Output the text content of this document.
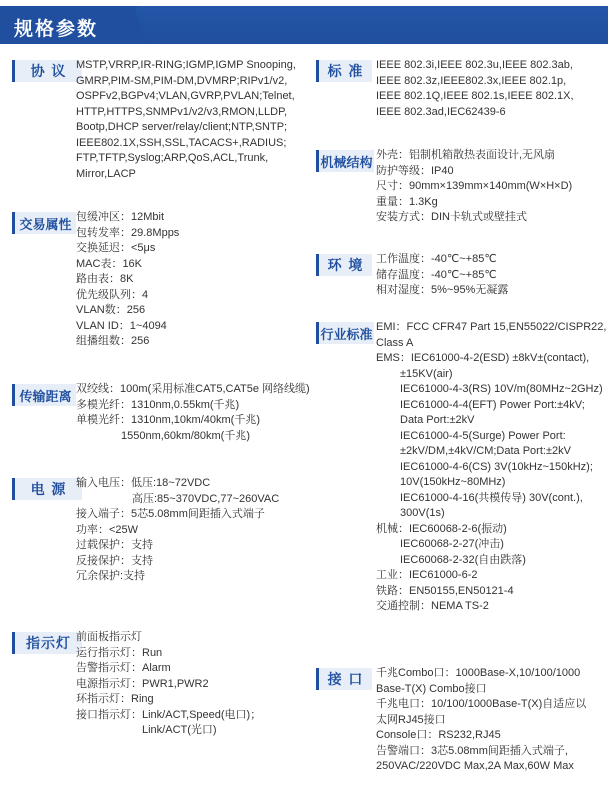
规格参数
协 议 MSTP,VRRP,IR-RING;IGMP,IGMP Snooping,
GMRP,PIM-SM,PIM-DM,DVMRP;RIPv1/v2,
OSPFv2,BGPv4;VLAN,GVRP,PVLAN;Telnet,
HTTP,HTTPS,SNMPv1/v2/v3,RMON,LLDP,
Bootp,DHCP server/relay/client;NTP,SNTP;
IEEE802.1X,SSH,SSL,TACACS+,RADIUS;
FTP,TFTP,Syslog;ARP,QoS,ACL,Trunk,
Mirror,LACP
交易属性
包缓冲区：12Mbit
包转发率：29.8Mpps
交换延迟：<5μs
MAC表：16K
路由表：8K
优先级队列：4
VLAN数：256
VLAN ID：1~4094
组播组数：256
传输距离
双绞线：100m(采用标准CAT5,CAT5e 网络线缆)
多模光纤：1310nm,0.55km(千兆)
单模光纤：1310nm,10km/40km(千兆)
1550nm,60km/80km(千兆)
电 源 输入电压：低压:18~72VDC
高压:85~370VDC,77~260VAC
接入端子：5芯5.08mm间距插入式端子
功率：<25W
过载保护：支持
反接保护：支持
冗余保护:支持
指示灯 前面板指示灯
运行指示灯：Run
告警指示灯：Alarm
电源指示灯：PWR1,PWR2
环指示灯：Ring
接口指示灯：Link/ACT,Speed(电口)；
Link/ACT(光口)
标 准	IEEE 802.3i,IEEE 802.3u,IEEE 802.3ab,
IEEE 802.3z,IEEE802.3x,IEEE 802.1p,
IEEE 802.1Q,IEEE 802.1s,IEEE 802.1X,
IEEE 802.3ad,IEC62439-6
机械结构
外壳：铝制机箱散热表面设计,无风扇
防护等级：IP40
尺寸：90mm×139mm×140mm(W×H×D)
重量：1.3Kg
安装方式：DIN卡轨式或壁挂式
环 境	工作温度：-40℃~+85℃
储存温度：-40℃~+85℃
相对湿度：5%~95%无凝露
行业标准
EMI：FCC CFR47 Part 15,EN55022/CISPR22,
Class A
EMS：IEC61000-4-2(ESD) ±8kV±(contact),
±15KV(air)
IEC61000-4-3(RS) 10V/m(80MHz~2GHz)
IEC61000-4-4(EFT) Power Port:±4kV;
Data Port:±2kV
IEC61000-4-5(Surge) Power Port:
±2kV/DM,±4kV/CM;Data Port:±2kV
IEC61000-4-6(CS) 3V(10kHz~150kHz);
10V(150kHz~80MHz)
IEC61000-4-16(共模传导) 30V(cont.),
300V(1s)
机械：IEC60068-2-6(振动)
IEC60068-2-27(冲击)
IEC60068-2-32(自由跌落)
工业：IEC61000-6-2
铁路：EN50155,EN50121-4
交通控制：NEMA TS-2
接 口	千兆Combo口：1000Base-X,10/100/1000
Base-T(X) Combo接口
千兆电口：10/100/1000Base-T(X)自适应以
太网RJ45接口
Console口：RS232,RJ45
告警端口：3芯5.08mm间距插入式端子,
250VAC/220VDC Max,2A Max,60W Max
